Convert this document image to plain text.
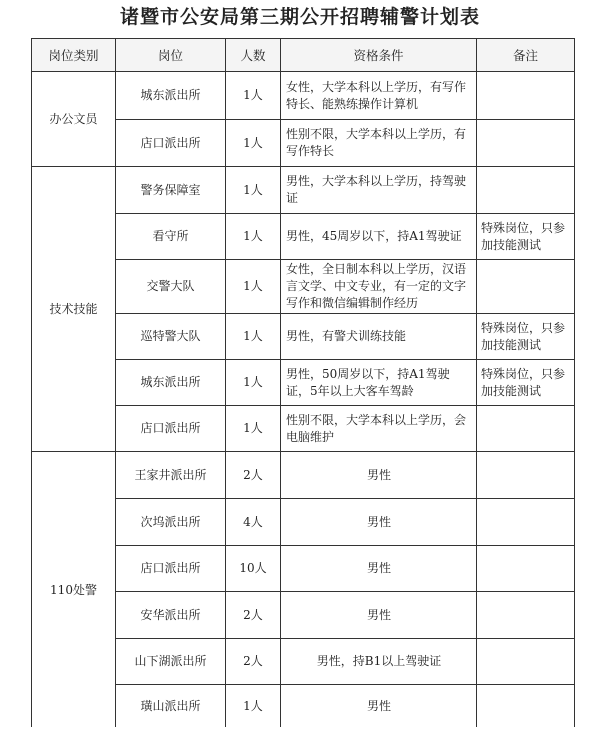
诸暨市公安局第三期公开招聘辅警计划表
岗位类别	岗位	人数	资格条件	备注
办公文员	城东派出所	1人	女性，大学本科以上学历，有写作特长、能熟练操作计算机	
	店口派出所	1人	性别不限，大学本科以上学历，有写作特长	
技术技能	警务保障室	1人	男性，大学本科以上学历，持驾驶证	
	看守所	1人	男性，45周岁以下，持A1驾驶证	特殊岗位，只参加技能测试
	交警大队	1人	女性，全日制本科以上学历，汉语言文学、中文专业，有一定的文字写作和微信编辑制作经历	
	巡特警大队	1人	男性，有警犬训练技能	特殊岗位，只参加技能测试
	城东派出所	1人	男性，50周岁以下，持A1驾驶证，5年以上大客车驾龄	特殊岗位，只参加技能测试
	店口派出所	1人	性别不限，大学本科以上学历，会电脑维护	
110处警	王家井派出所	2人	男性	
	次坞派出所	4人	男性	
	店口派出所	10人	男性	
	安华派出所	2人	男性	
	山下湖派出所	2人	男性，持B1以上驾驶证	
	璜山派出所	1人	男性	
